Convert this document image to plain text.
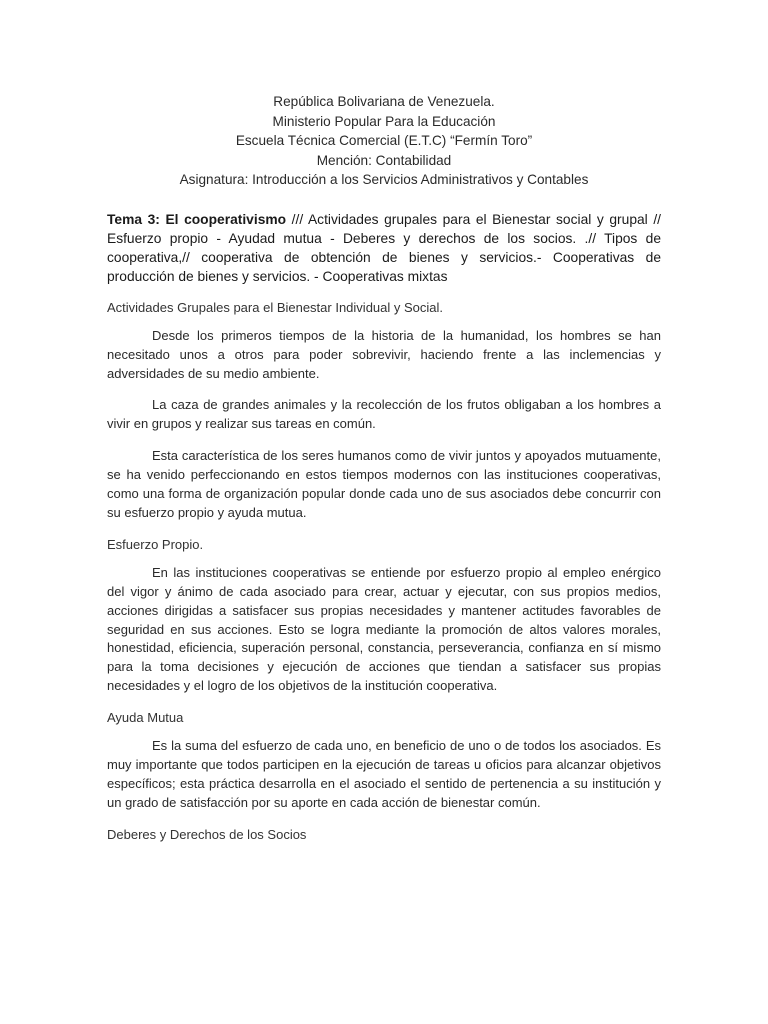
República Bolivariana de Venezuela.
Ministerio Popular Para la Educación
Escuela Técnica Comercial (E.T.C) “Fermín Toro”
Mención: Contabilidad
Asignatura: Introducción a los Servicios Administrativos y Contables
Tema 3: El cooperativismo /// Actividades grupales para el Bienestar social y grupal // Esfuerzo propio - Ayudad mutua - Deberes y derechos de los socios. .// Tipos de cooperativa,// cooperativa de obtención de bienes y servicios.- Cooperativas de producción de bienes y servicios. - Cooperativas mixtas
Actividades Grupales para el Bienestar Individual y Social.

Desde los primeros tiempos de la historia de la humanidad, los hombres se han necesitado unos a otros para poder sobrevivir, haciendo frente a las inclemencias y adversidades de su medio ambiente.

La caza de grandes animales y la recolección de los frutos obligaban a los hombres a vivir en grupos y realizar sus tareas en común.

Esta característica de los seres humanos como de vivir juntos y apoyados mutuamente, se ha venido perfeccionando en estos tiempos modernos con las instituciones cooperativas, como una forma de organización popular donde cada uno de sus asociados debe concurrir con su esfuerzo propio y ayuda mutua.

Esfuerzo Propio.

En las instituciones cooperativas se entiende por esfuerzo propio al empleo enérgico del vigor y ánimo de cada asociado para crear, actuar y ejecutar, con sus propios medios, acciones dirigidas a satisfacer sus propias necesidades y mantener actitudes favorables de seguridad en sus acciones. Esto se logra mediante la promoción de altos valores morales, honestidad, eficiencia, superación personal, constancia, perseverancia, confianza en sí mismo para la toma decisiones y ejecución de acciones que tiendan a satisfacer sus propias necesidades y el logro de los objetivos de la institución cooperativa.

Ayuda Mutua

Es la suma del esfuerzo de cada uno, en beneficio de uno o de todos los asociados. Es muy importante que todos participen en la ejecución de tareas u oficios para alcanzar objetivos específicos; esta práctica desarrolla en el asociado el sentido de pertenencia a su institución y un grado de satisfacción por su aporte en cada acción de bienestar común.

Deberes y Derechos de los Socios
